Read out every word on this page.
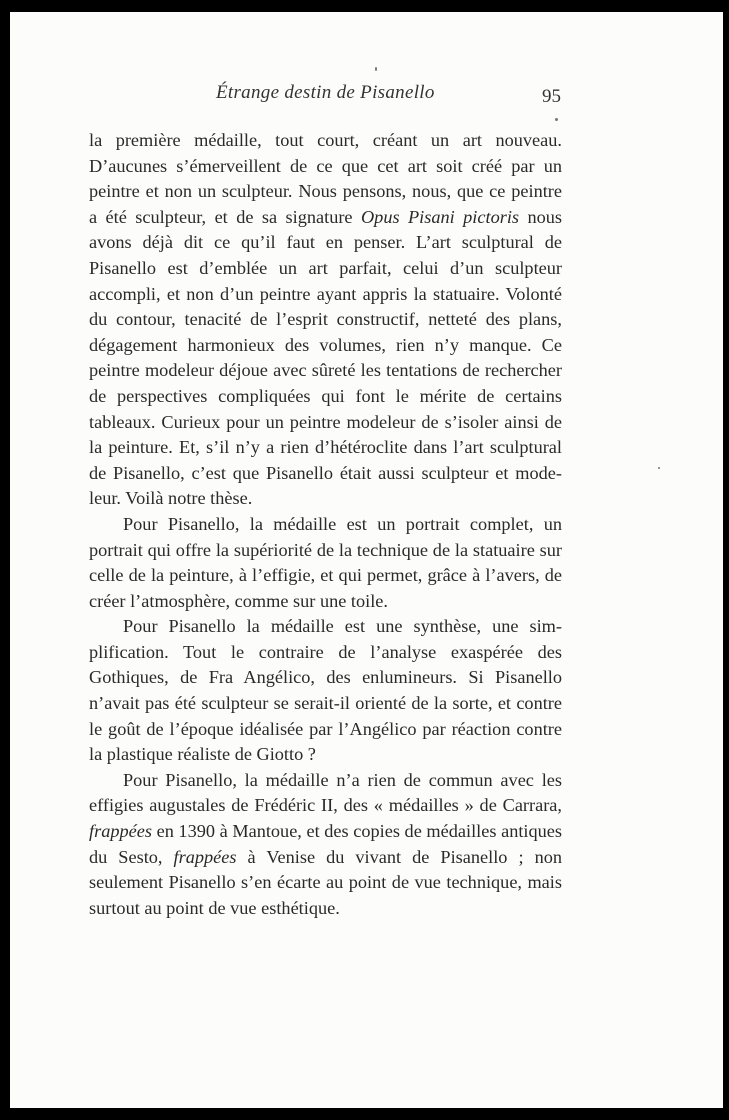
Étrange destin de Pisanello	95

la première médaille, tout court, créant un art nouveau. D’aucunes s’émerveillent de ce que cet art soit créé par un peintre et non un sculpteur. Nous pensons, nous, que ce peintre a été sculpteur, et de sa signature Opus Pisani pictoris nous avons déjà dit ce qu’il faut en penser. L’art sculptural de Pisanello est d’emblée un art parfait, celui d’un sculpteur accompli, et non d’un peintre ayant appris la statuaire. Volonté du contour, tenacité de l’esprit constructif, netteté des plans, dégagement harmonieux des volumes, rien n’y manque. Ce peintre modeleur déjoue avec sûreté les tentations de rechercher de perspectives compliquées qui font le mérite de certains tableaux. Curieux pour un peintre modeleur de s’isoler ainsi de la peinture. Et, s’il n’y a rien d’hétéroclite dans l’art sculptural de Pisanello, c’est que Pisanello était aussi sculpteur et modeleur. Voilà notre thèse.

Pour Pisanello, la médaille est un portrait complet, un portrait qui offre la supériorité de la technique de la statuaire sur celle de la peinture, à l’effigie, et qui permet, grâce à l’avers, de créer l’atmosphère, comme sur une toile.

Pour Pisanello la médaille est une synthèse, une simplification. Tout le contraire de l’analyse exaspérée des Gothiques, de Fra Angélico, des enlumineurs. Si Pisanello n’avait pas été sculpteur se serait-il orienté de la sorte, et contre le goût de l’époque idéalisée par l’Angélico par réaction contre la plastique réaliste de Giotto ?

Pour Pisanello, la médaille n’a rien de commun avec les effigies augustales de Frédéric II, des « médailles » de Carrara, frappées en 1390 à Mantoue, et des copies de médailles antiques du Sesto, frappées à Venise du vivant de Pisanello ; non seulement Pisanello s’en écarte au point de vue technique, mais surtout au point de vue esthétique.
